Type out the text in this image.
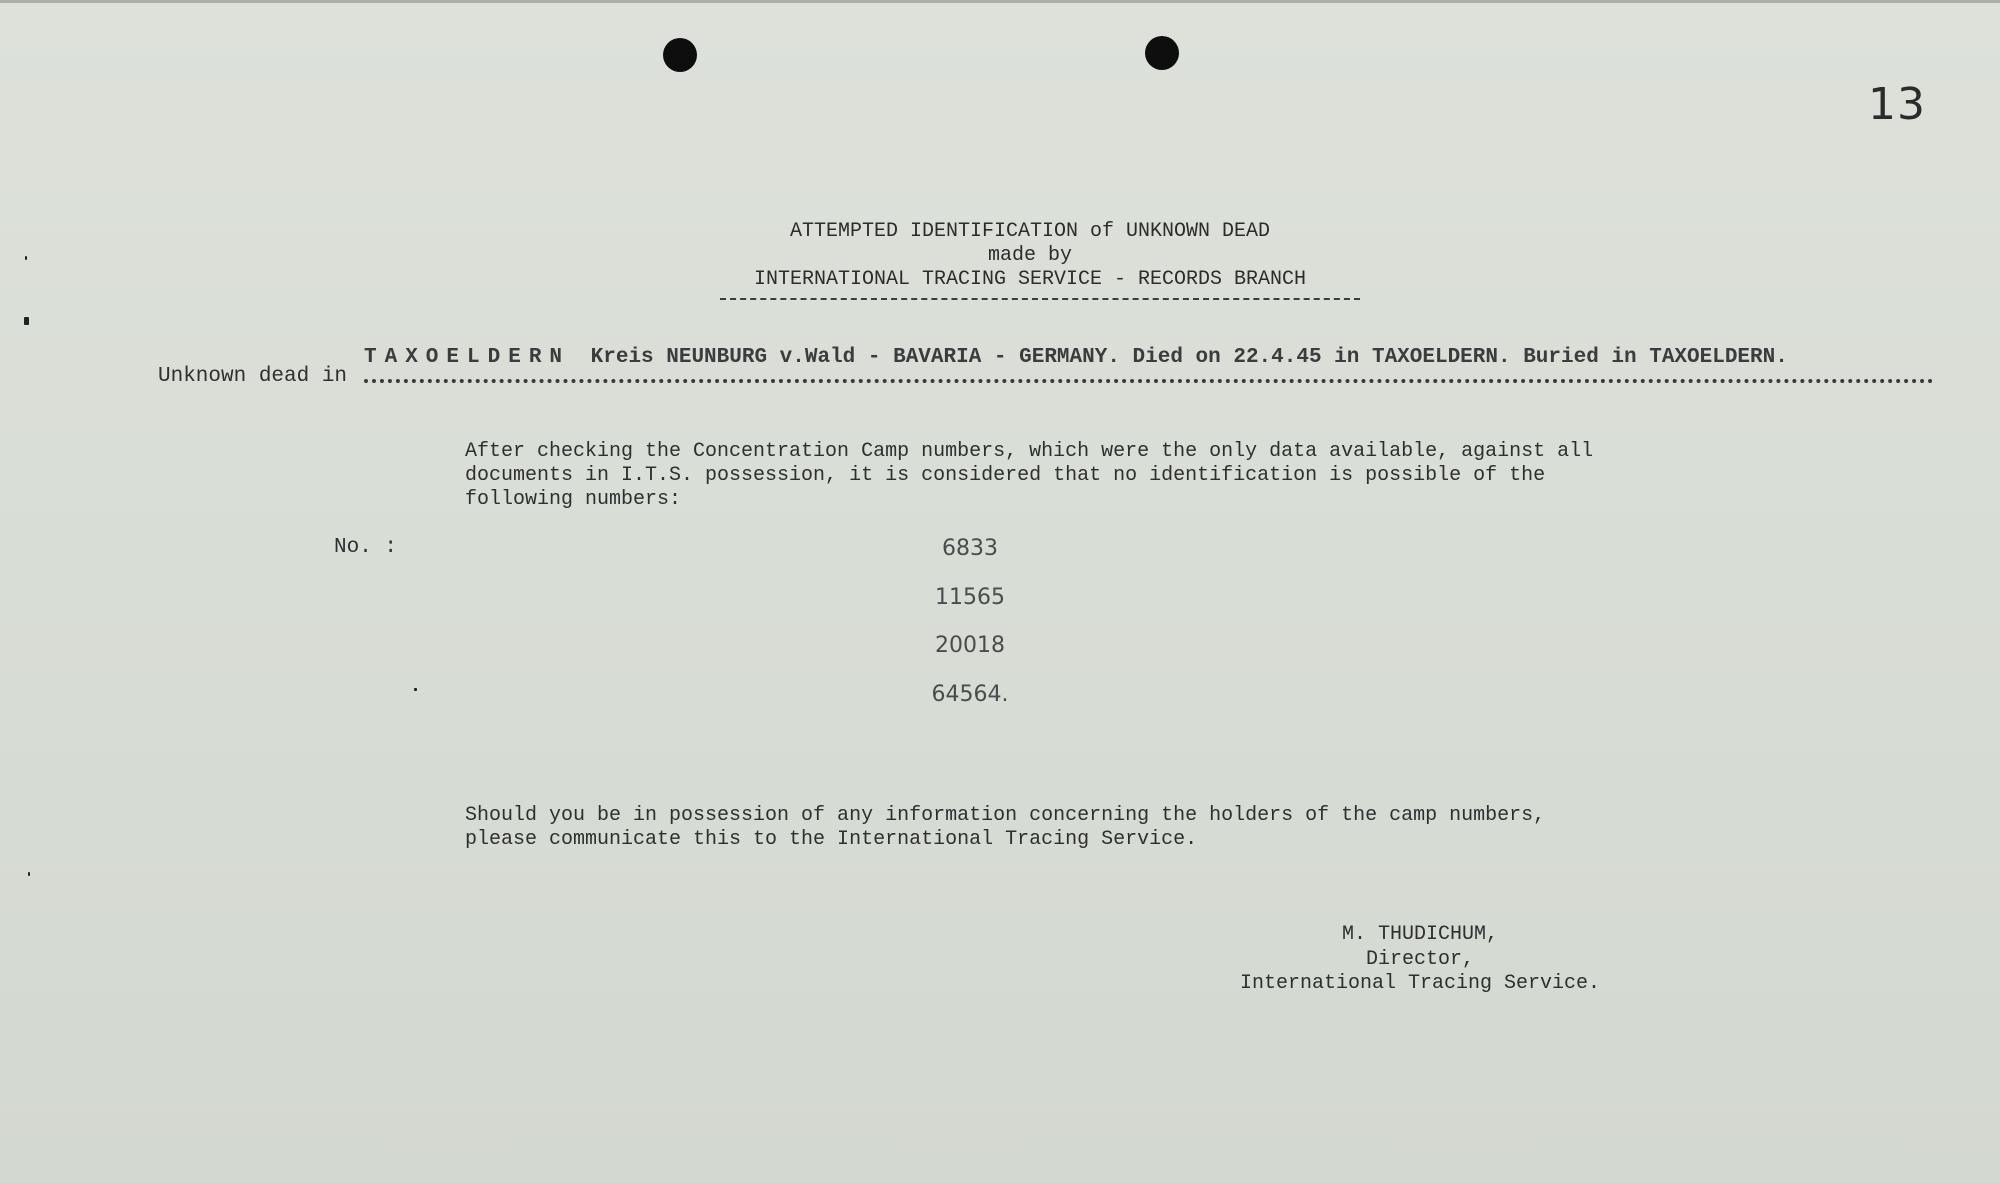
13
ATTEMPTED IDENTIFICATION of UNKNOWN DEAD
made by
INTERNATIONAL TRACING SERVICE - RECORDS BRANCH
Unknown dead in
TAXOELDERN Kreis NEUNBURG v.Wald - BAVARIA - GERMANY. Died on 22.4.45 in TAXOELDERN. Buried in TAXOELDERN.
After checking the Concentration Camp numbers, which were the only data available, against all
documents in I.T.S. possession, it is considered that no identification is possible of the
following numbers:
No. :	6833
11565
20018
64564.
Should you be in possession of any information concerning the holders of the camp numbers,
please communicate this to the International Tracing Service.
M. THUDICHUM,
Director,
International Tracing Service.
